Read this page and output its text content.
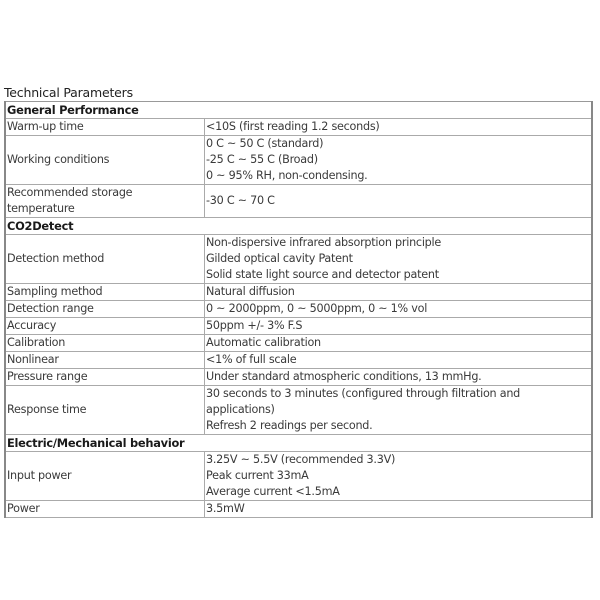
Technical Parameters
General Performance	
Warm-up time	<10S (first reading 1.2 seconds)

Working conditions	0 C ~ 50 C (standard)
-25 C ~ 55 C (Broad)
0 ~ 95% RH, non-condensing.

Recommended storage temperature	-30 C ~ 70 C

CO2Detect	
Detection method	Non-dispersive infrared absorption principle
Gilded optical cavity Patent
Solid state light source and detector patent

Sampling method	Natural diffusion

Detection range	0 ~ 2000ppm, 0 ~ 5000ppm, 0 ~ 1% vol

Accuracy	50ppm +/- 3% F.S

Calibration	Automatic calibration

Nonlinear	<1% of full scale

Pressure range	Under standard atmospheric conditions, 13 mmHg.

Response time	30 seconds to 3 minutes (configured through filtration and applications)
Refresh 2 readings per second.

Electric/Mechanical behavior	
Input power	3.25V ~ 5.5V (recommended 3.3V)
Peak current 33mA
Average current <1.5mA

Power	3.5mW
